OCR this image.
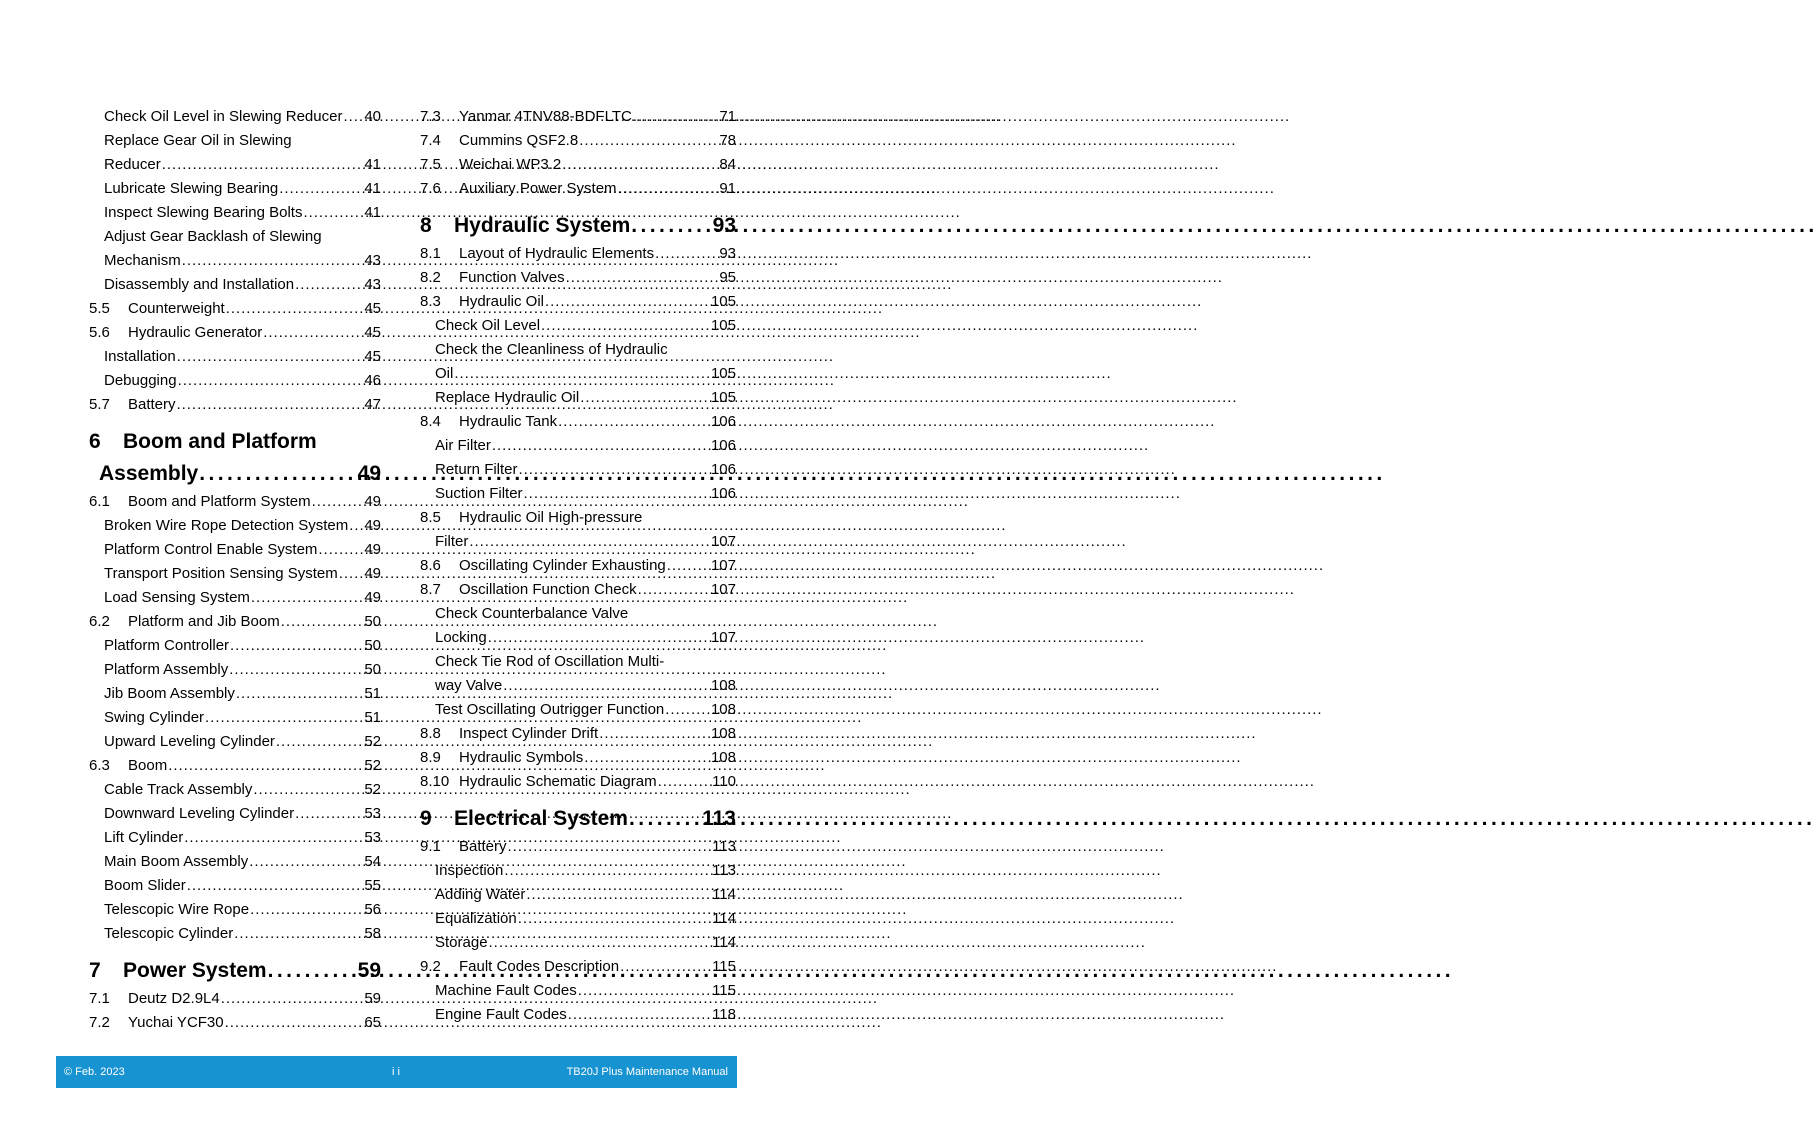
Check Oil Level in Slewing Reducer . . . 40
Replace Gear Oil in Slewing
Reducer . . .	41
Lubricate Slewing Bearing . . .	41
Inspect Slewing Bearing Bolts . . .	41
Adjust Gear Backlash of Slewing
Mechanism . . .	43
Disassembly and Installation . . .	43
5.5	Counterweight . . .	45
5.6	Hydraulic Generator . . .	45
Installation . . .	45
Debugging . . .	46
5.7	Battery . . .	47
6	Boom and Platform
Assembly . . .	49
6.1	Boom and Platform System . . .	49
Broken Wire Rope Detection System . . . 49
Platform Control Enable System . . .	49
Transport Position Sensing System . . . 49
Load Sensing System . . .	49
6.2	Platform and Jib Boom . . .	50
Platform Controller . . .	50
Platform Assembly . . .	50
Jib Boom Assembly . . .	51
Swing Cylinder . . .	51
Upward Leveling Cylinder . . .	52
6.3	Boom . . .	52
Cable Track Assembly . . .	52
Downward Leveling Cylinder . . .	53
Lift Cylinder . . .	53
Main Boom Assembly . . .	54
Boom Slider . . .	55
Telescopic Wire Rope . . .	56
Telescopic Cylinder . . .	58
7	Power System . . .	59
7.1	Deutz D2.9L4 . . .	59
7.2	Yuchai YCF30 . . .	65
7.3	Yanmar 4TNV88-BDFLTC . . .	71
7.4	Cummins QSF2.8 . . .	78
7.5	Weichai WP3.2 . . .	84
7.6	Auxiliary Power System . . .	91
8	Hydraulic System . . .	93
8.1	Layout of Hydraulic Elements . . .	93
8.2	Function Valves . . .	95
8.3	Hydraulic Oil . . .	105
Check Oil Level . . .	105
Check the Cleanliness of Hydraulic
Oil . . .	105
Replace Hydraulic Oil . . .	105
8.4	Hydraulic Tank . . .	106
Air Filter . . .	106
Return Filter . . .	106
Suction Filter . . .	106
8.5	Hydraulic Oil High-pressure
Filter . . .	107
8.6	Oscillating Cylinder Exhausting . . .	107
8.7	Oscillation Function Check . . .	107
Check Counterbalance Valve
Locking . . .	107
Check Tie Rod of Oscillation Multi-
way Valve . . .	108
Test Oscillating Outrigger Function . . .	108
8.8	Inspect Cylinder Drift . . .	108
8.9	Hydraulic Symbols . . .	108
8.10 Hydraulic Schematic Diagram . . .	110
9	Electrical System . . .	113
9.1	Battery . . .	113
Inspection . . .	113
Adding Water . . .	114
Equalization . . .	114
Storage . . .	114
9.2	Fault Codes Description . . .	115
Machine Fault Codes . . .	115
Engine Fault Codes . . .	118
© Feb. 2023	i i	TB20J Plus Maintenance Manual
